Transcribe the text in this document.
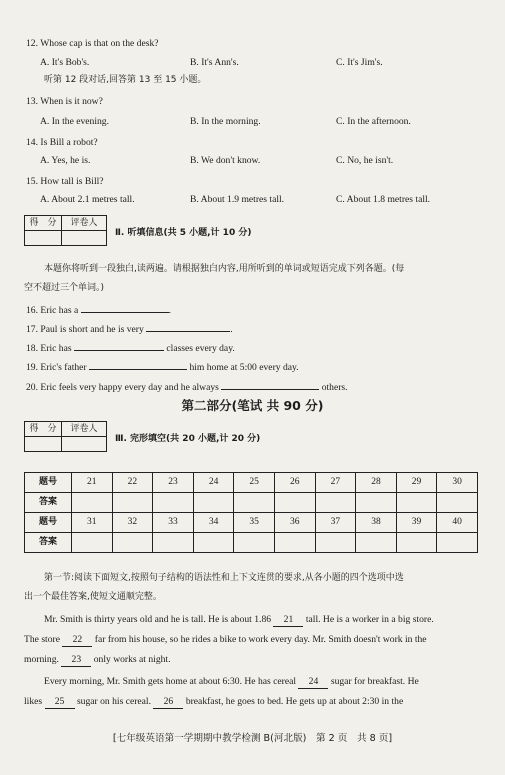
12. Whose cap is that on the desk?
A. It's Bob's.	B. It's Ann's.	C. It's Jim's.
听第 12 段对话,回答第 13 至 15 小题。
13. When is it now?
A. In the evening.	B. In the morning.	C. In the afternoon.
14. Is Bill a robot?
A. Yes, he is.	B. We don't know.	C. No, he isn't.
15. How tall is Bill?
A. About 2.1 metres tall.	B. About 1.9 metres tall.	C. About 1.8 metres tall.
得　分	评卷人

Ⅱ. 听填信息(共 5 小题,计 10 分)
本题你将听到一段独白,读两遍。请根据独白内容,用所听到的单词或短语完成下列各题。(每
空不超过三个单词。)
16. Eric has a	.
17. Paul is short and he is very	.
18. Eric has	classes every day.
19. Eric's father	him home at 5:00 every day.
20. Eric feels very happy every day and he always	others.
第二部分(笔试 共 90 分)
得　分	评卷人

Ⅲ. 完形填空(共 20 小题,计 20 分)
题号	21	22	23	24	25	26	27	28	29	30
答案										
题号	31	32	33	34	35	36	37	38	39	40
答案										
第一节:阅读下面短文,按照句子结构的语法性和上下文连贯的要求,从各小题的四个选项中选
出一个最佳答案,使短文通顺完整。
Mr. Smith is thirty years old and he is tall. He is about 1.86 21 tall. He is a worker in a big store.
The store 22 far from his house, so he rides a bike to work every day. Mr. Smith doesn't work in the
morning. 23 only works at night.
Every morning, Mr. Smith gets home at about 6:30. He has cereal 24 sugar for breakfast. He
likes 25 sugar on his cereal. 26 breakfast, he goes to bed. He gets up at about 2:30 in the
[七年级英语第一学期期中教学检测 B(河北版)　第 2 页　共 8 页]
